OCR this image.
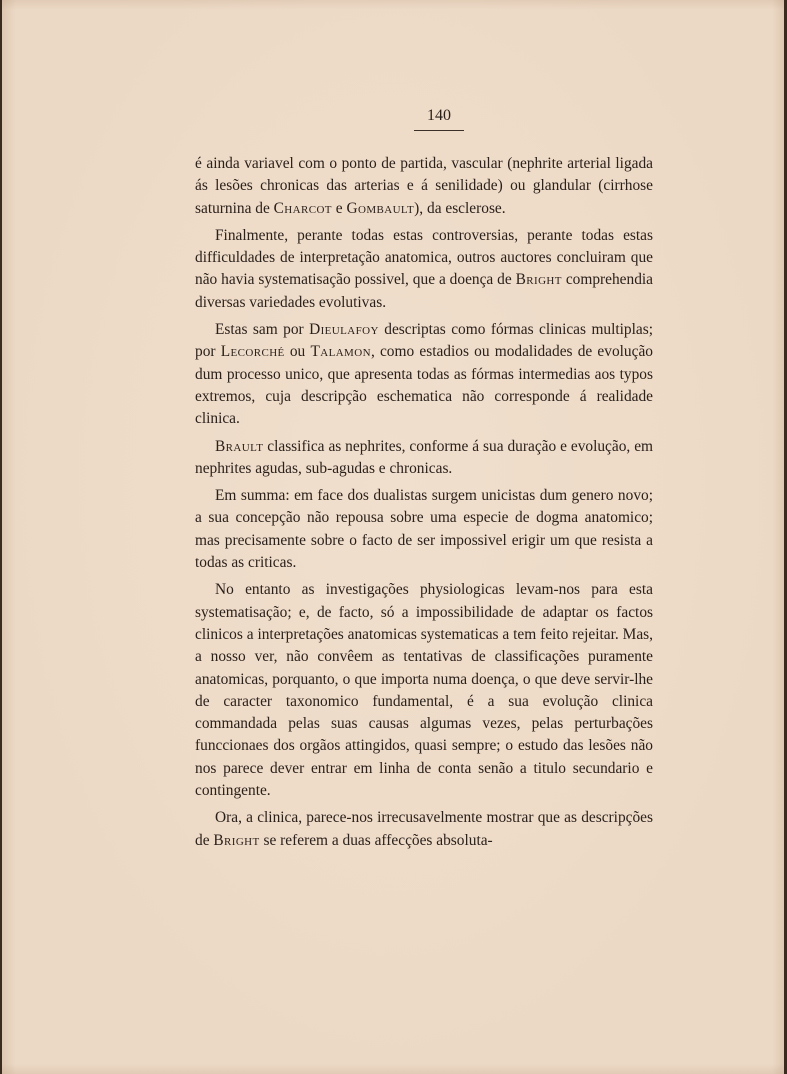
140

é ainda variavel com o ponto de partida, vascular (nephrite arterial ligada ás lesões chronicas das arterias e á senilidade) ou glandular (cirrhose saturnina de Charcot e Gombault), da esclerose.

Finalmente, perante todas estas controversias, perante todas estas difficuldades de interpretação anatomica, outros auctores concluiram que não havia systematisação possivel, que a doença de Bright comprehendia diversas variedades evolutivas.

Estas sam por Dieulafoy descriptas como fórmas clinicas multiplas; por Lecorché ou Talamon, como estadios ou modalidades de evolução dum processo unico, que apresenta todas as fórmas intermedias aos typos extremos, cuja descripção eschematica não corresponde á realidade clinica.

Brault classifica as nephrites, conforme á sua duração e evolução, em nephrites agudas, sub-agudas e chronicas.

Em summa: em face dos dualistas surgem unicistas dum genero novo; a sua concepção não repousa sobre uma especie de dogma anatomico; mas precisamente sobre o facto de ser impossivel erigir um que resista a todas as criticas.

No entanto as investigações physiologicas levam-nos para esta systematisação; e, de facto, só a impossibilidade de adaptar os factos clinicos a interpretações anatomicas systematicas a tem feito rejeitar. Mas, a nosso ver, não convêem as tentativas de classificações puramente anatomicas, porquanto, o que importa numa doença, o que deve servir-lhe de caracter taxonomico fundamental, é a sua evolução clinica commandada pelas suas causas algumas vezes, pelas perturbações funccionaes dos orgãos attingidos, quasi sempre; o estudo das lesões não nos parece dever entrar em linha de conta senão a titulo secundario e contingente.

Ora, a clinica, parece-nos irrecusavelmente mostrar que as descripções de Bright se referem a duas affecções absoluta-
